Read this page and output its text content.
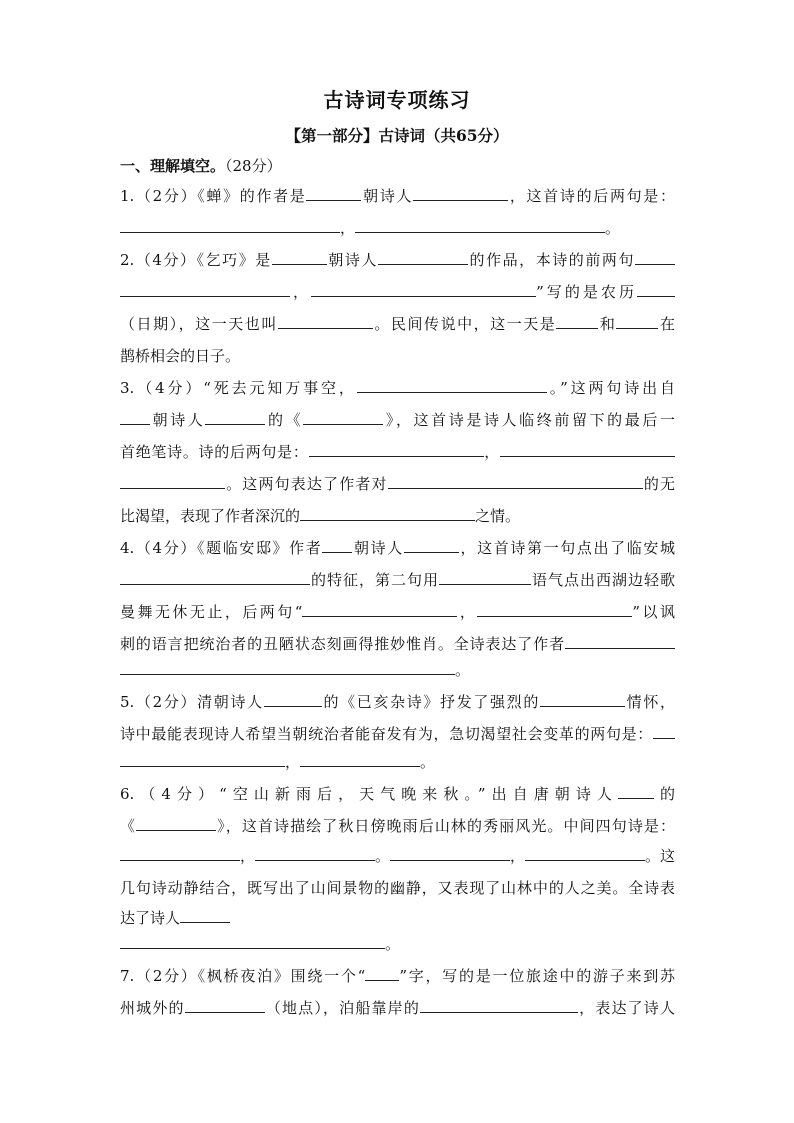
古诗词专项练习
【第一部分】古诗词（共65分）
一、理解填空。（28分）
1.（2分）《蝉》的作者是	朝诗人	，这首诗的后两句是：
，	。
2.（4分）《乞巧》是	朝诗人	的作品，本诗的前两句
，	”写的是农历
（日期），这一天也叫	。民间传说中，这一天是	和	在
鹊桥相会的日子。
3.（4分）“死去元知万事空，	。”这两句诗出自
朝诗人	的《	》，这首诗是诗人临终前留下的最后一
首绝笔诗。诗的后两句是：	，
。这两句表达了作者对	的无
比渴望，表现了作者深沉的	之情。
4.（4分）《题临安邸》作者 朝诗人	，这首诗第一句点出了临安城
的特征，第二句用	语气点出西湖边轻歌
曼舞无休无止，后两句“	，	”以讽
刺的语言把统治者的丑陋状态刻画得推妙惟肖。全诗表达了作者
。
5.（2分）清朝诗人	的《已亥杂诗》抒发了强烈的	情怀，
诗中最能表现诗人希望当朝统治者能奋发有为，急切渴望社会变革的两句是：
，	。
6.（4分）“空山新雨后，天气晚来秋。”出自唐朝诗人 的
《	》，这首诗描绘了秋日傍晚雨后山林的秀丽风光。中间四句诗是：
，	。	，	。这
几句诗动静结合，既写出了山间景物的幽静，又表现了山林中的人之美。全诗表
达了诗人
。
7.（2分）《枫桥夜泊》围绕一个“ ”字，写的是一位旅途中的游子来到苏
州城外的	（地点），泊船靠岸的	，表达了诗人
